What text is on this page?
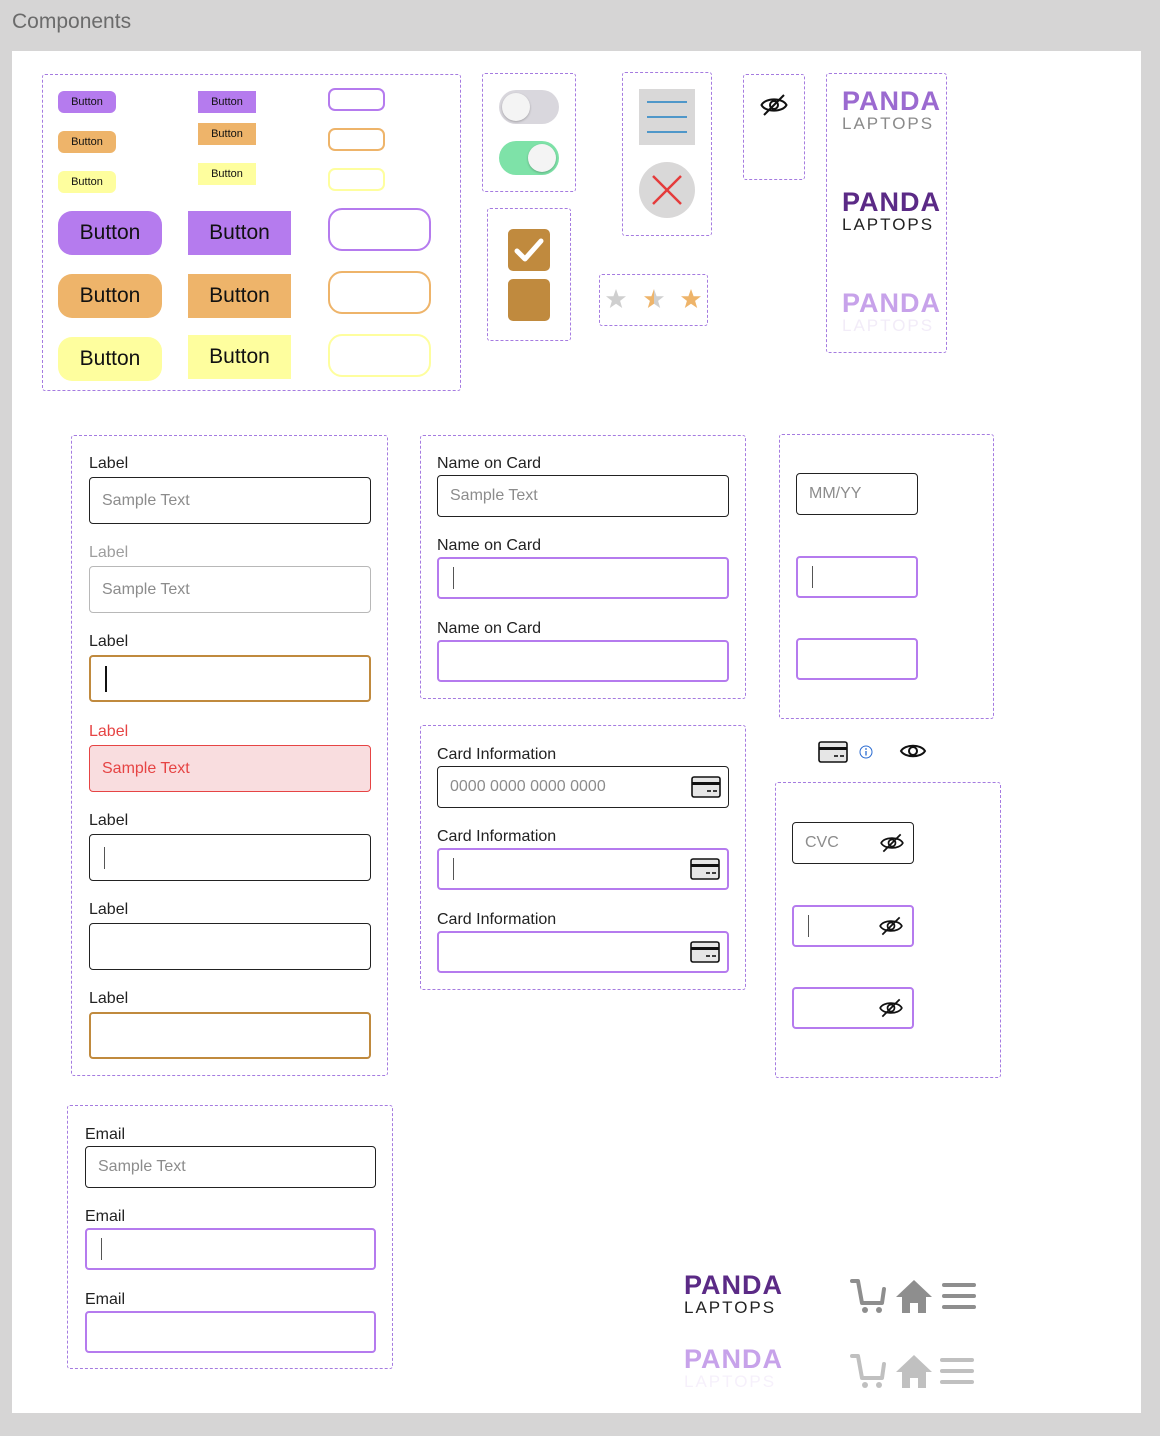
Components
Button
Button
Button
Button
Button
Button
Button
Button
Button
Button
Button
Button
Button
Button
Button
Button
Button
Button
PANDA
LAPTOPS
PANDA
LAPTOPS
PANDA
LAPTOPS
Label
Sample Text
Label
Sample Text
Label
Label
Sample Text
Label
Label
Label
Name on Card
Sample Text
Name on Card
Name on Card
Card Information
0000 0000 0000 0000
Card Information
Card Information
MM/YY
CVC
Email
Sample Text
Email
Email	PANDA
LAPTOPS
PANDA
LAPTOPS
